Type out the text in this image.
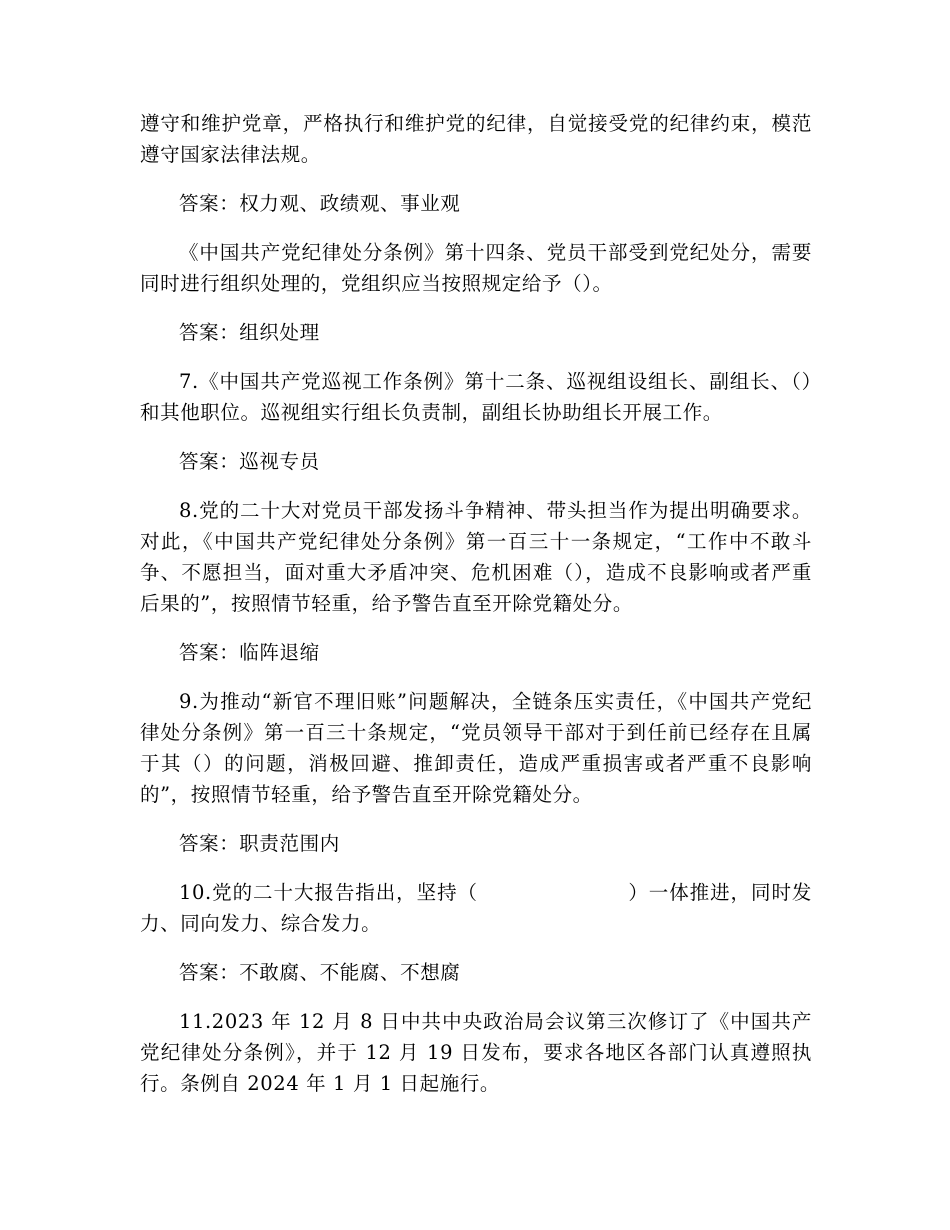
遵守和维护党章，严格执行和维护党的纪律，自觉接受党的纪律约束，模范遵守国家法律法规。

答案：权力观、政绩观、事业观

《中国共产党纪律处分条例》第十四条、党员干部受到党纪处分，需要同时进行组织处理的，党组织应当按照规定给予（）。

答案：组织处理

7.《中国共产党巡视工作条例》第十二条、巡视组设组长、副组长、（）和其他职位。巡视组实行组长负责制，副组长协助组长开展工作。

答案：巡视专员

8.党的二十大对党员干部发扬斗争精神、带头担当作为提出明确要求。对此，《中国共产党纪律处分条例》第一百三十一条规定，“工作中不敢斗争、不愿担当，面对重大矛盾冲突、危机困难（），造成不良影响或者严重后果的”，按照情节轻重，给予警告直至开除党籍处分。

答案：临阵退缩

9.为推动“新官不理旧账”问题解决，全链条压实责任，《中国共产党纪律处分条例》第一百三十条规定，“党员领导干部对于到任前已经存在且属于其（）的问题，消极回避、推卸责任，造成严重损害或者严重不良影响的”，按照情节轻重，给予警告直至开除党籍处分。

答案：职责范围内

10.党的二十大报告指出，坚持（	）一体推进，同时发力、同向发力、综合发力。

答案：不敢腐、不能腐、不想腐

11.2023 年 12 月 8 日中共中央政治局会议第三次修订了《中国共产党纪律处分条例》，并于 12 月 19 日发布，要求各地区各部门认真遵照执行。条例自 2024 年 1 月 1 日起施行。
